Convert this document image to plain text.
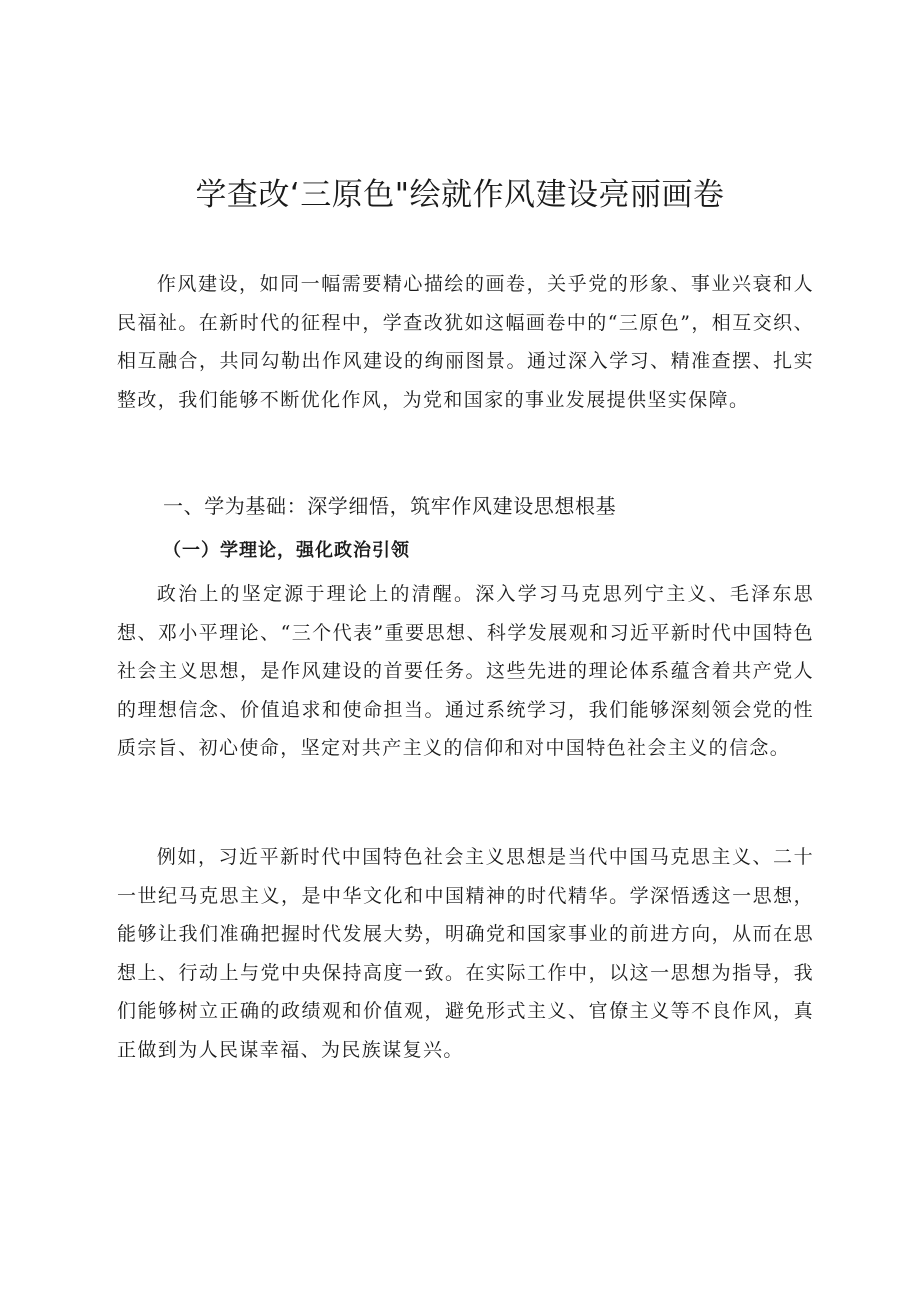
学查改‘三原色"绘就作风建设亮丽画卷

作风建设，如同一幅需要精心描绘的画卷，关乎党的形象、事业兴衰和人民福祉。在新时代的征程中，学查改犹如这幅画卷中的“三原色”，相互交织、相互融合，共同勾勒出作风建设的绚丽图景。通过深入学习、精准查摆、扎实整改，我们能够不断优化作风，为党和国家的事业发展提供坚实保障。

一、学为基础：深学细悟，筑牢作风建设思想根基
（一）学理论，强化政治引领

政治上的坚定源于理论上的清醒。深入学习马克思列宁主义、毛泽东思想、邓小平理论、“三个代表”重要思想、科学发展观和习近平新时代中国特色社会主义思想，是作风建设的首要任务。这些先进的理论体系蕴含着共产党人的理想信念、价值追求和使命担当。通过系统学习，我们能够深刻领会党的性质宗旨、初心使命，坚定对共产主义的信仰和对中国特色社会主义的信念。

例如，习近平新时代中国特色社会主义思想是当代中国马克思主义、二十一世纪马克思主义，是中华文化和中国精神的时代精华。学深悟透这一思想，能够让我们准确把握时代发展大势，明确党和国家事业的前进方向，从而在思想上、行动上与党中央保持高度一致。在实际工作中，以这一思想为指导，我们能够树立正确的政绩观和价值观，避免形式主义、官僚主义等不良作风，真正做到为人民谋幸福、为民族谋复兴。
